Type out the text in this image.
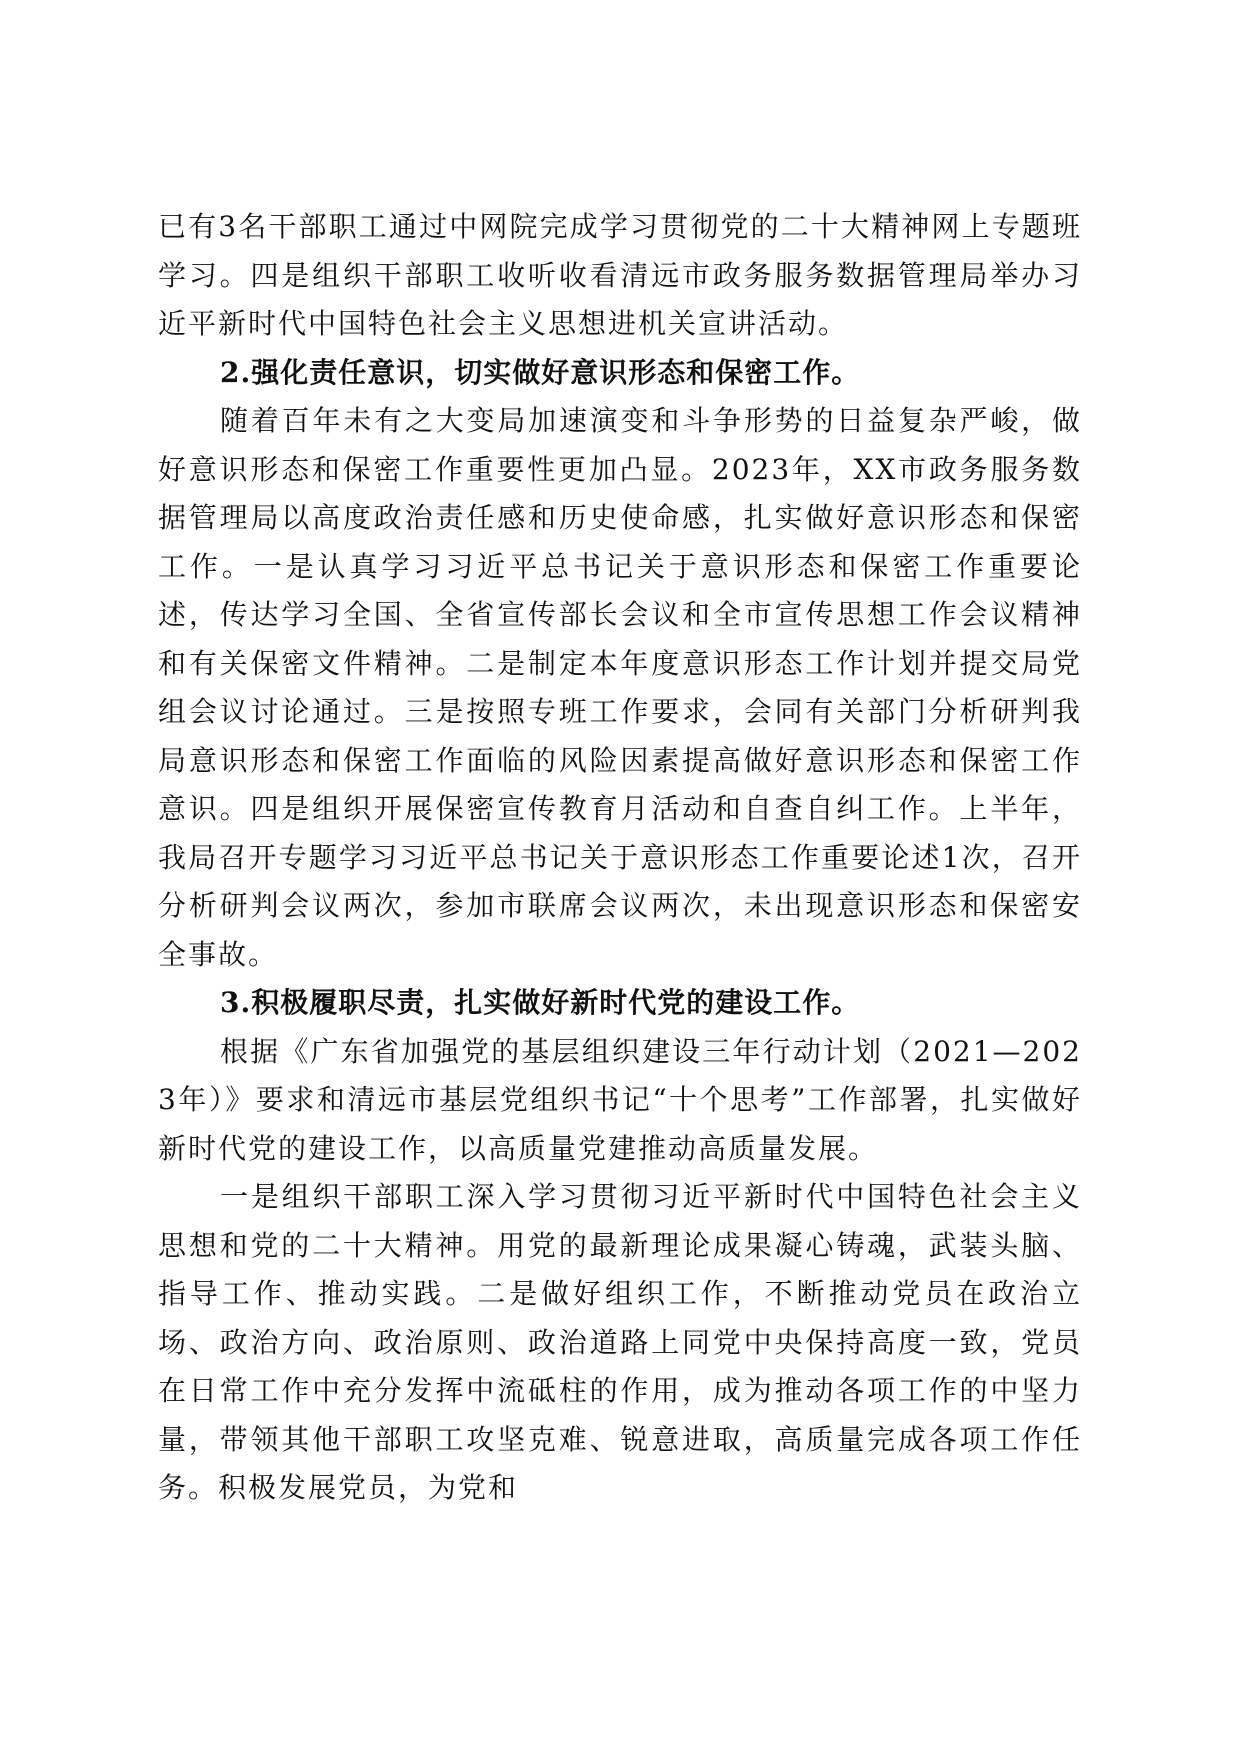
已有3名干部职工通过中网院完成学习贯彻党的二十大精神网上专题班学习。四是组织干部职工收听收看清远市政务服务数据管理局举办习近平新时代中国特色社会主义思想进机关宣讲活动。

2.强化责任意识，切实做好意识形态和保密工作。

随着百年未有之大变局加速演变和斗争形势的日益复杂严峻，做好意识形态和保密工作重要性更加凸显。2023年，XX市政务服务数据管理局以高度政治责任感和历史使命感，扎实做好意识形态和保密工作。一是认真学习习近平总书记关于意识形态和保密工作重要论述，传达学习全国、全省宣传部长会议和全市宣传思想工作会议精神和有关保密文件精神。二是制定本年度意识形态工作计划并提交局党组会议讨论通过。三是按照专班工作要求，会同有关部门分析研判我局意识形态和保密工作面临的风险因素提高做好意识形态和保密工作意识。四是组织开展保密宣传教育月活动和自查自纠工作。上半年，我局召开专题学习习近平总书记关于意识形态工作重要论述1次，召开分析研判会议两次，参加市联席会议两次，未出现意识形态和保密安全事故。

3.积极履职尽责，扎实做好新时代党的建设工作。

根据《广东省加强党的基层组织建设三年行动计划（2021—2023年）》要求和清远市基层党组织书记“十个思考”工作部署，扎实做好新时代党的建设工作，以高质量党建推动高质量发展。

一是组织干部职工深入学习贯彻习近平新时代中国特色社会主义思想和党的二十大精神。用党的最新理论成果凝心铸魂，武装头脑、指导工作、推动实践。二是做好组织工作，不断推动党员在政治立场、政治方向、政治原则、政治道路上同党中央保持高度一致，党员在日常工作中充分发挥中流砥柱的作用，成为推动各项工作的中坚力量，带领其他干部职工攻坚克难、锐意进取，高质量完成各项工作任务。积极发展党员，为党和
